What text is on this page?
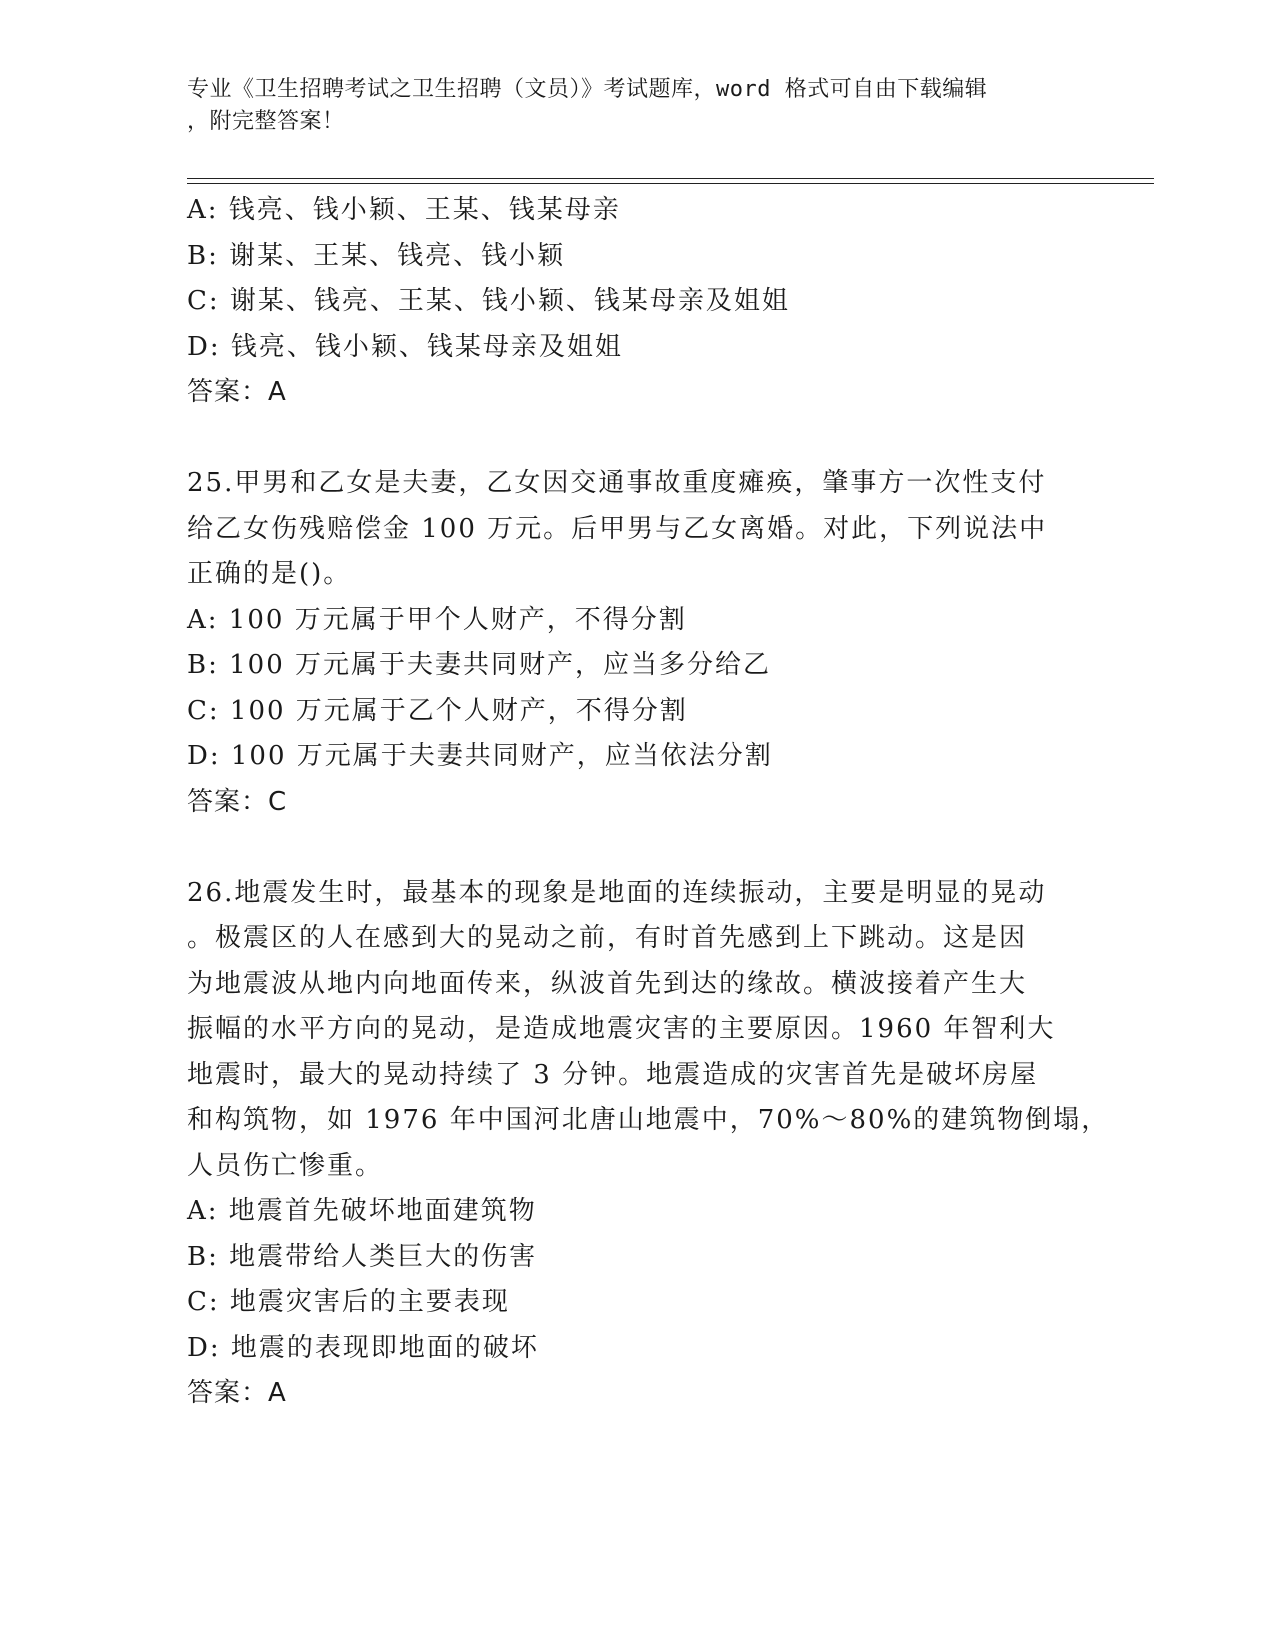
专业《卫生招聘考试之卫生招聘（文员）》考试题库，word 格式可自由下载编辑
，附完整答案！
A: 钱亮、钱小颖、王某、钱某母亲
B: 谢某、王某、钱亮、钱小颖
C: 谢某、钱亮、王某、钱小颖、钱某母亲及姐姐
D: 钱亮、钱小颖、钱某母亲及姐姐
答案：A
25.甲男和乙女是夫妻，乙女因交通事故重度瘫痪，肇事方一次性支付
给乙女伤残赔偿金 100 万元。后甲男与乙女离婚。对此，下列说法中
正确的是()。
A: 100 万元属于甲个人财产，不得分割
B: 100 万元属于夫妻共同财产，应当多分给乙
C: 100 万元属于乙个人财产，不得分割
D: 100 万元属于夫妻共同财产，应当依法分割
答案：C
26.地震发生时，最基本的现象是地面的连续振动，主要是明显的晃动
。极震区的人在感到大的晃动之前，有时首先感到上下跳动。这是因
为地震波从地内向地面传来，纵波首先到达的缘故。横波接着产生大
振幅的水平方向的晃动，是造成地震灾害的主要原因。1960 年智利大
地震时，最大的晃动持续了 3 分钟。地震造成的灾害首先是破坏房屋
和构筑物，如 1976 年中国河北唐山地震中，70%～80%的建筑物倒塌，
人员伤亡惨重。
A: 地震首先破坏地面建筑物
B: 地震带给人类巨大的伤害
C: 地震灾害后的主要表现
D: 地震的表现即地面的破坏
答案：A
